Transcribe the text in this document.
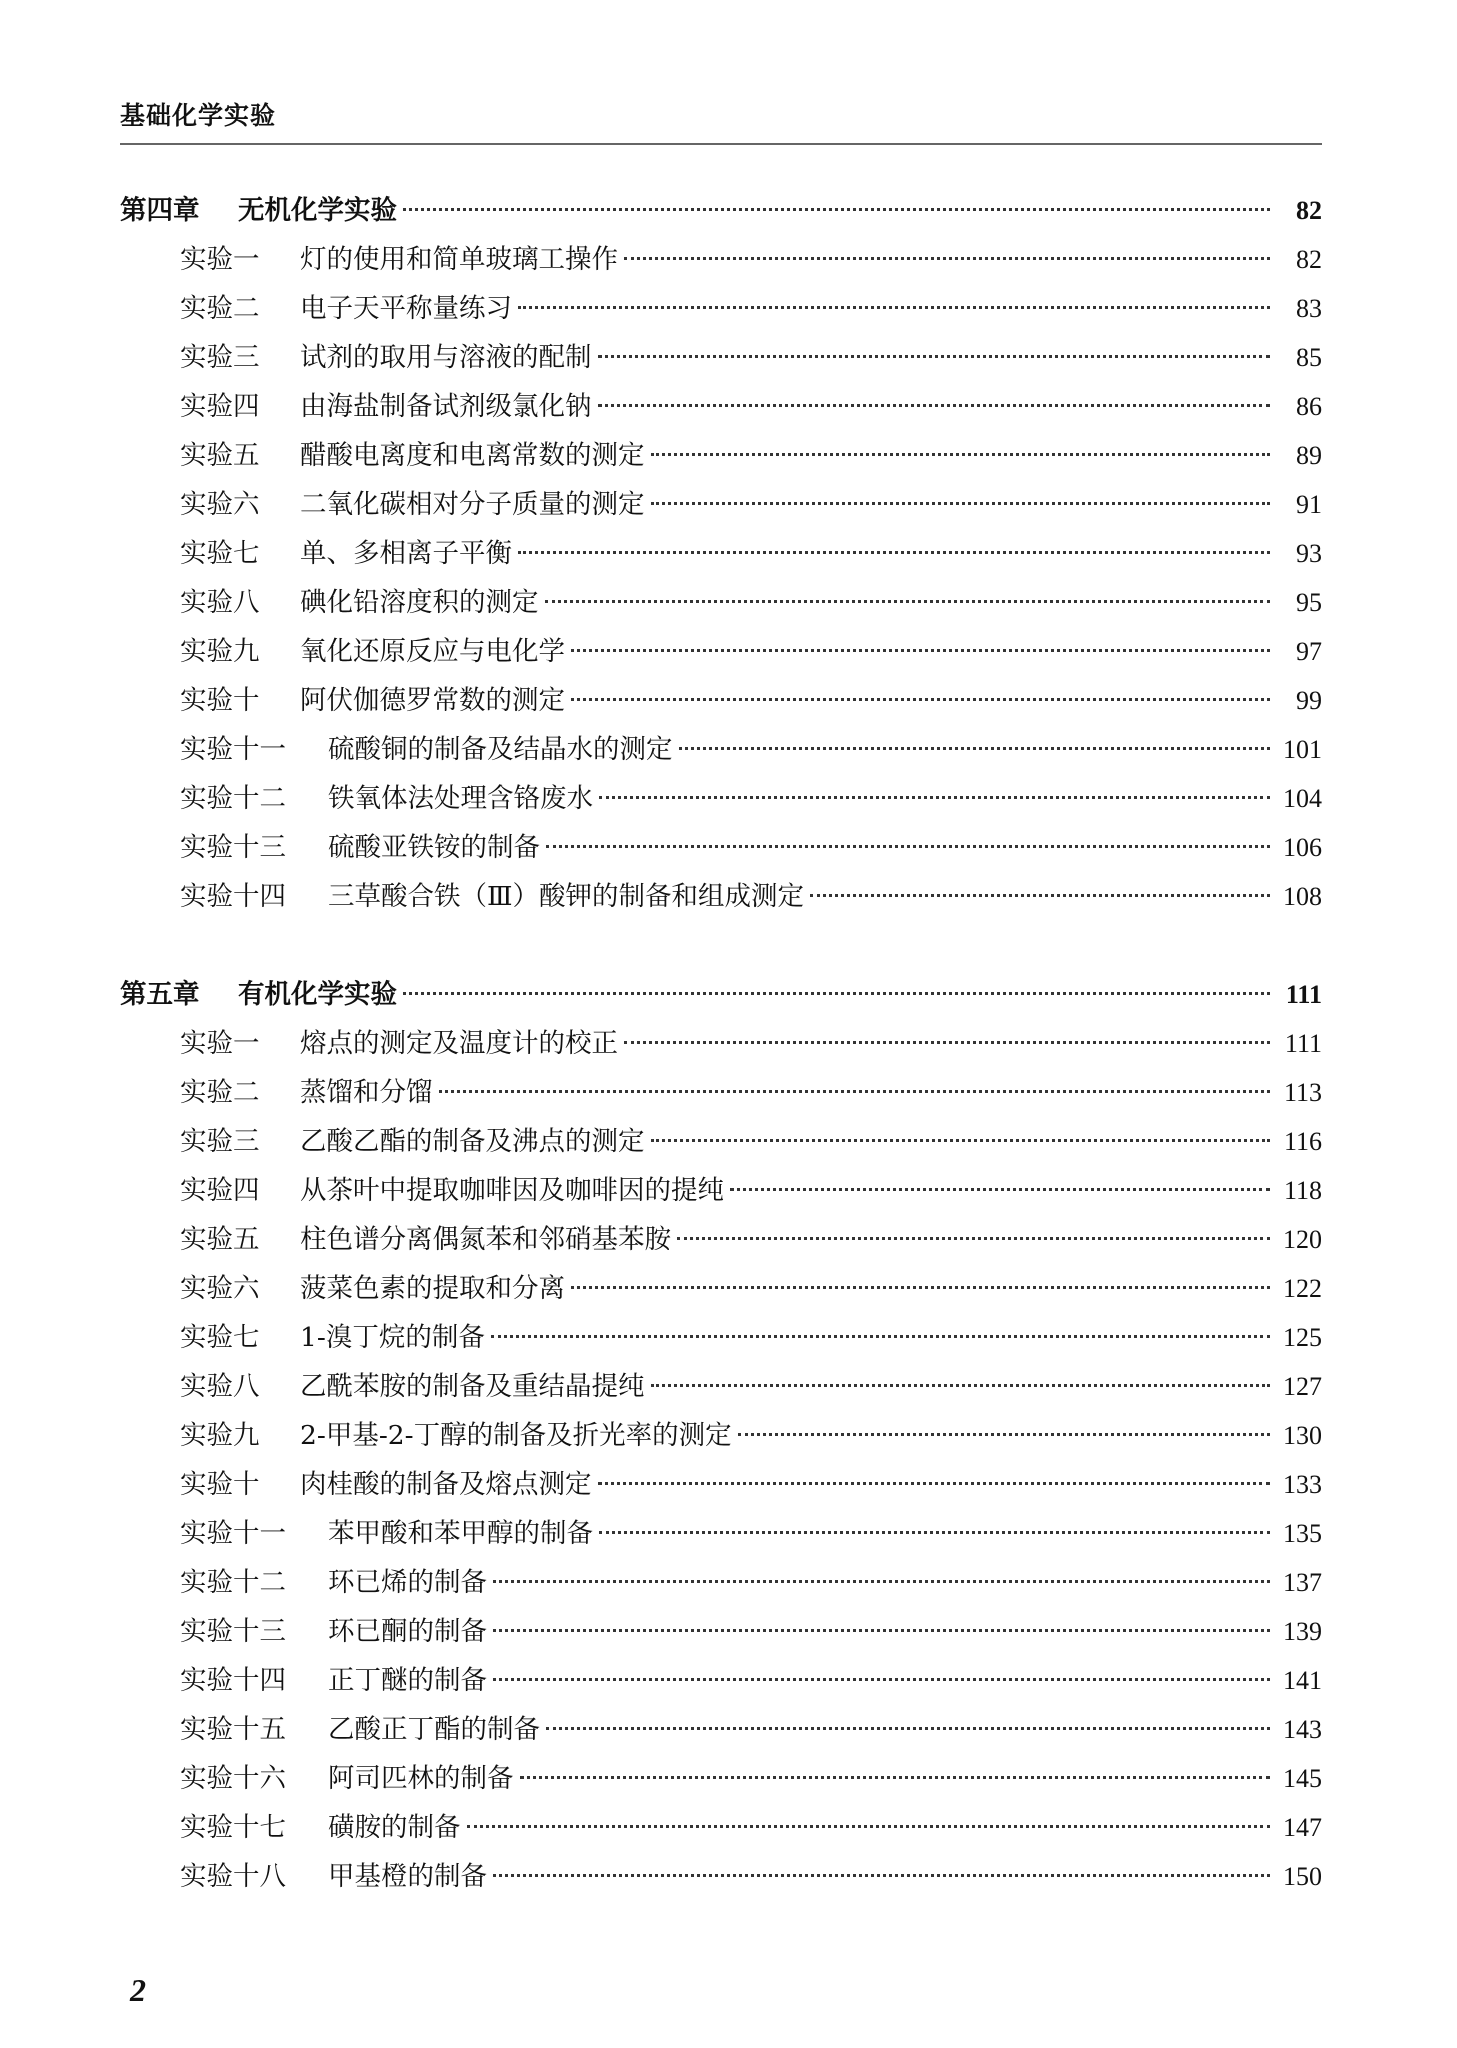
基础化学实验
第四章	无机化学实验	82
实验一	灯的使用和简单玻璃工操作	82
实验二	电子天平称量练习	83
实验三	试剂的取用与溶液的配制	85
实验四	由海盐制备试剂级氯化钠	86
实验五	醋酸电离度和电离常数的测定	89
实验六	二氧化碳相对分子质量的测定	91
实验七	单、多相离子平衡	93
实验八	碘化铅溶度积的测定	95
实验九	氧化还原反应与电化学	97
实验十	阿伏伽德罗常数的测定	99
实验十一	硫酸铜的制备及结晶水的测定	101
实验十二	铁氧体法处理含铬废水	104
实验十三	硫酸亚铁铵的制备	106
实验十四	三草酸合铁（Ⅲ）酸钾的制备和组成测定	108
第五章	有机化学实验	111
实验一	熔点的测定及温度计的校正	111
实验二	蒸馏和分馏	113
实验三	乙酸乙酯的制备及沸点的测定	116
实验四	从茶叶中提取咖啡因及咖啡因的提纯	118
实验五	柱色谱分离偶氮苯和邻硝基苯胺	120
实验六	菠菜色素的提取和分离	122
实验七	1-溴丁烷的制备	125
实验八	乙酰苯胺的制备及重结晶提纯	127
实验九	2-甲基-2-丁醇的制备及折光率的测定	130
实验十	肉桂酸的制备及熔点测定	133
实验十一	苯甲酸和苯甲醇的制备	135
实验十二	环已烯的制备	137
实验十三	环已酮的制备	139
实验十四	正丁醚的制备	141
实验十五	乙酸正丁酯的制备	143
实验十六	阿司匹林的制备	145
实验十七	磺胺的制备	147
实验十八	甲基橙的制备	150
2
